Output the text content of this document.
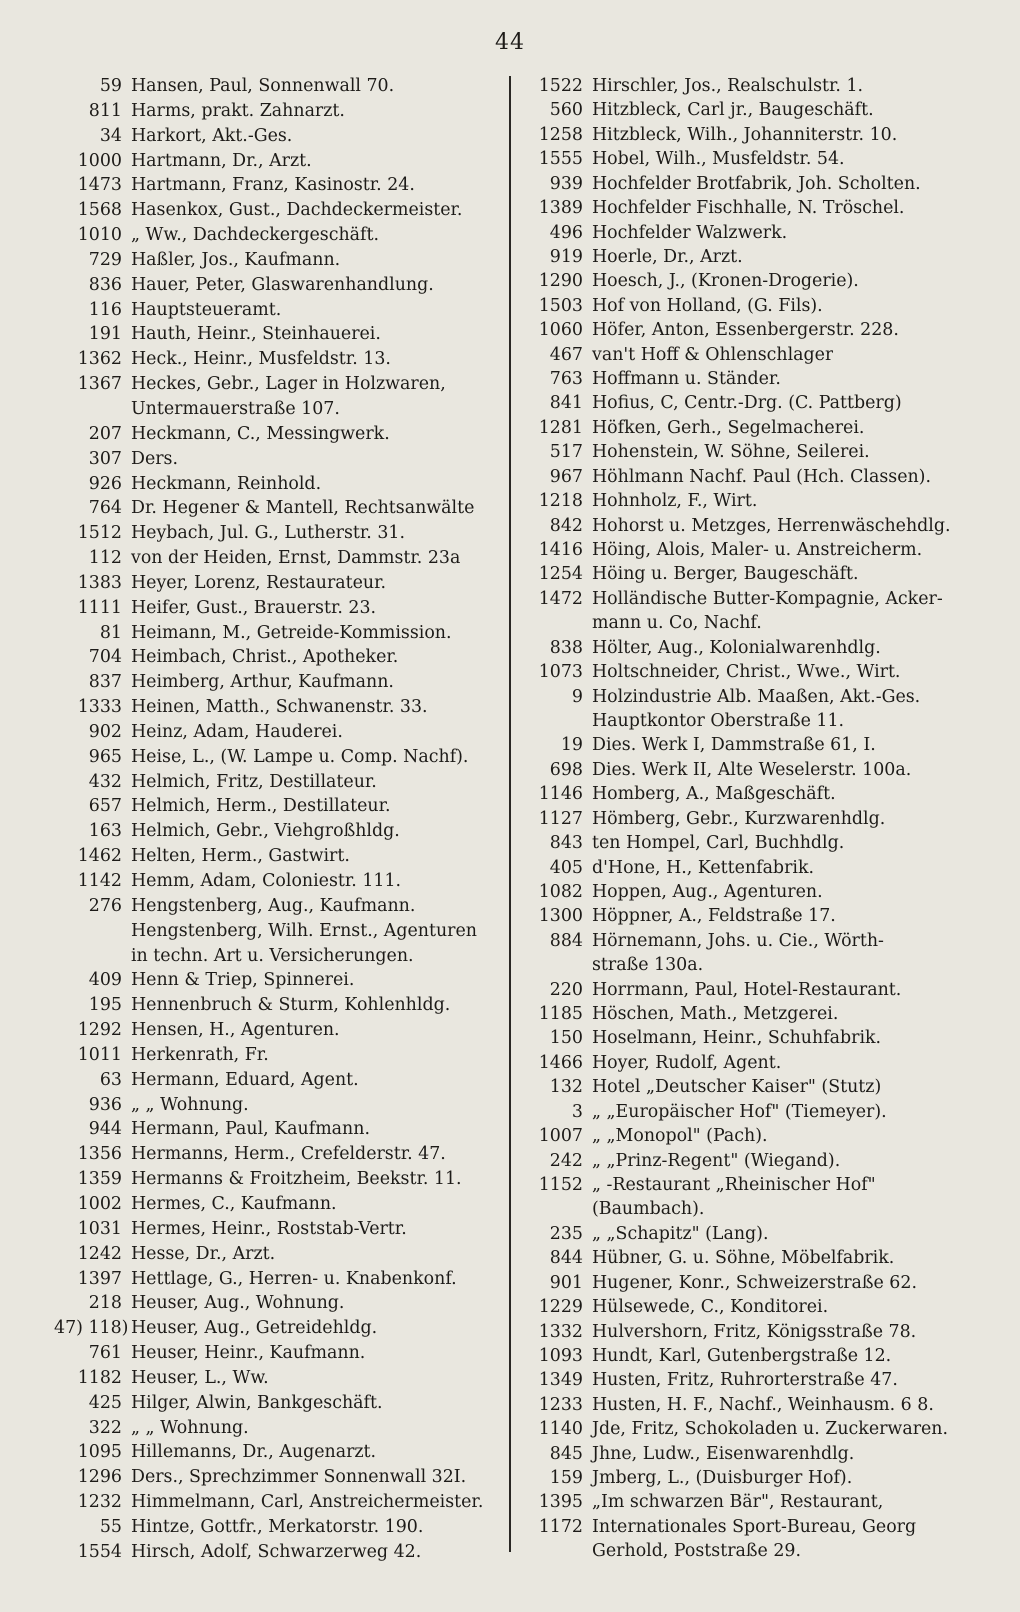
44
59 Hansen, Paul, Sonnenwall 70.
811 Harms, prakt. Zahnarzt.
34 Harkort, Akt.-Ges.
1000 Hartmann, Dr., Arzt.
1473 Hartmann, Franz, Kasinostr. 24.
1568 Hasenkox, Gust., Dachdeckermeister.
1010 „ Ww., Dachdeckergeschäft.
729 Haßler, Jos., Kaufmann.
836 Hauer, Peter, Glaswarenhandlung.
116 Hauptsteueramt.
191 Hauth, Heinr., Steinhauerei.
1362 Heck., Heinr., Musfeldstr. 13.
1367 Heckes, Gebr., Lager in Holzwaren,
Untermauerstraße 107.
207 Heckmann, C., Messingwerk.
307 Ders.
926 Heckmann, Reinhold.
764 Dr. Hegener & Mantell, Rechtsanwälte
1512 Heybach, Jul. G., Lutherstr. 31.
112 von der Heiden, Ernst, Dammstr. 23a
1383 Heyer, Lorenz, Restaurateur.
1111 Heifer, Gust., Brauerstr. 23.
81 Heimann, M., Getreide-Kommission.
704 Heimbach, Christ., Apotheker.
837 Heimberg, Arthur, Kaufmann.
1333 Heinen, Matth., Schwanenstr. 33.
902 Heinz, Adam, Hauderei.
965 Heise, L., (W. Lampe u. Comp. Nachf).
432 Helmich, Fritz, Destillateur.
657 Helmich, Herm., Destillateur.
163 Helmich, Gebr., Viehgroßhldg.
1462 Helten, Herm., Gastwirt.
1142 Hemm, Adam, Coloniestr. 111.
276 Hengstenberg, Aug., Kaufmann.
Hengstenberg, Wilh. Ernst., Agenturen
in techn. Art u. Versicherungen.
409 Henn & Triep, Spinnerei.
195 Hennenbruch & Sturm, Kohlenhldg.
1292 Hensen, H., Agenturen.
1011 Herkenrath, Fr.
63 Hermann, Eduard, Agent.
936 „ „ Wohnung.
944 Hermann, Paul, Kaufmann.
1356 Hermanns, Herm., Crefelderstr. 47.
1359 Hermanns & Froitzheim, Beekstr. 11.
1002 Hermes, C., Kaufmann.
1031 Hermes, Heinr., Roststab-Vertr.
1242 Hesse, Dr., Arzt.
1397 Hettlage, G., Herren- u. Knabenkonf.
218 Heuser, Aug., Wohnung.
47) 118) Heuser, Aug., Getreidehldg.
761 Heuser, Heinr., Kaufmann.
1182 Heuser, L., Ww.
425 Hilger, Alwin, Bankgeschäft.
322 „ „ Wohnung.
1095 Hillemanns, Dr., Augenarzt.
1296 Ders., Sprechzimmer Sonnenwall 32I.
1232 Himmelmann, Carl, Anstreichermeister.
55 Hintze, Gottfr., Merkatorstr. 190.
1554 Hirsch, Adolf, Schwarzerweg 42.
1522 Hirschler, Jos., Realschulstr. 1.
560 Hitzbleck, Carl jr., Baugeschäft.
1258 Hitzbleck, Wilh., Johanniterstr. 10.
1555 Hobel, Wilh., Musfeldstr. 54.
939 Hochfelder Brotfabrik, Joh. Scholten.
1389 Hochfelder Fischhalle, N. Tröschel.
496 Hochfelder Walzwerk.
919 Hoerle, Dr., Arzt.
1290 Hoesch, J., (Kronen-Drogerie).
1503 Hof von Holland, (G. Fils).
1060 Höfer, Anton, Essenbergerstr. 228.
467 van't Hoff & Ohlenschlager
763 Hoffmann u. Ständer.
841 Hofius, C, Centr.-Drg. (C. Pattberg)
1281 Höfken, Gerh., Segelmacherei.
517 Hohenstein, W. Söhne, Seilerei.
967 Höhlmann Nachf. Paul (Hch. Classen).
1218 Hohnholz, F., Wirt.
842 Hohorst u. Metzges, Herrenwäschehdlg.
1416 Höing, Alois, Maler- u. Anstreicherm.
1254 Höing u. Berger, Baugeschäft.
1472 Holländische Butter-Kompagnie, Acker-
mann u. Co, Nachf.
838 Hölter, Aug., Kolonialwarenhdlg.
1073 Holtschneider, Christ., Wwe., Wirt.
9 Holzindustrie Alb. Maaßen, Akt.-Ges.
Hauptkontor Oberstraße 11.
19 Dies. Werk I, Dammstraße 61, I.
698 Dies. Werk II, Alte Weselerstr. 100a.
1146 Homberg, A., Maßgeschäft.
1127 Hömberg, Gebr., Kurzwarenhdlg.
843 ten Hompel, Carl, Buchhdlg.
405 d'Hone, H., Kettenfabrik.
1082 Hoppen, Aug., Agenturen.
1300 Höppner, A., Feldstraße 17.
884 Hörnemann, Johs. u. Cie., Wörth-
straße 130a.
220 Horrmann, Paul, Hotel-Restaurant.
1185 Höschen, Math., Metzgerei.
150 Hoselmann, Heinr., Schuhfabrik.
1466 Hoyer, Rudolf, Agent.
132 Hotel „Deutscher Kaiser" (Stutz)
3 „ „Europäischer Hof" (Tiemeyer).
1007 „ „Monopol" (Pach).
242 „ „Prinz-Regent" (Wiegand).
1152 „ -Restaurant „Rheinischer Hof"
(Baumbach).
235 „ „Schapitz" (Lang).
844 Hübner, G. u. Söhne, Möbelfabrik.
901 Hugener, Konr., Schweizerstraße 62.
1229 Hülsewede, C., Konditorei.
1332 Hulvershorn, Fritz, Königsstraße 78.
1093 Hundt, Karl, Gutenbergstraße 12.
1349 Husten, Fritz, Ruhrorterstraße 47.
1233 Husten, H. F., Nachf., Weinhausm. 6 8.
1140 Jde, Fritz, Schokoladen u. Zuckerwaren.
845 Jhne, Ludw., Eisenwarenhdlg.
159 Jmberg, L., (Duisburger Hof).
1395 „Im schwarzen Bär", Restaurant,
1172 Internationales Sport-Bureau, Georg
Gerhold, Poststraße 29.
